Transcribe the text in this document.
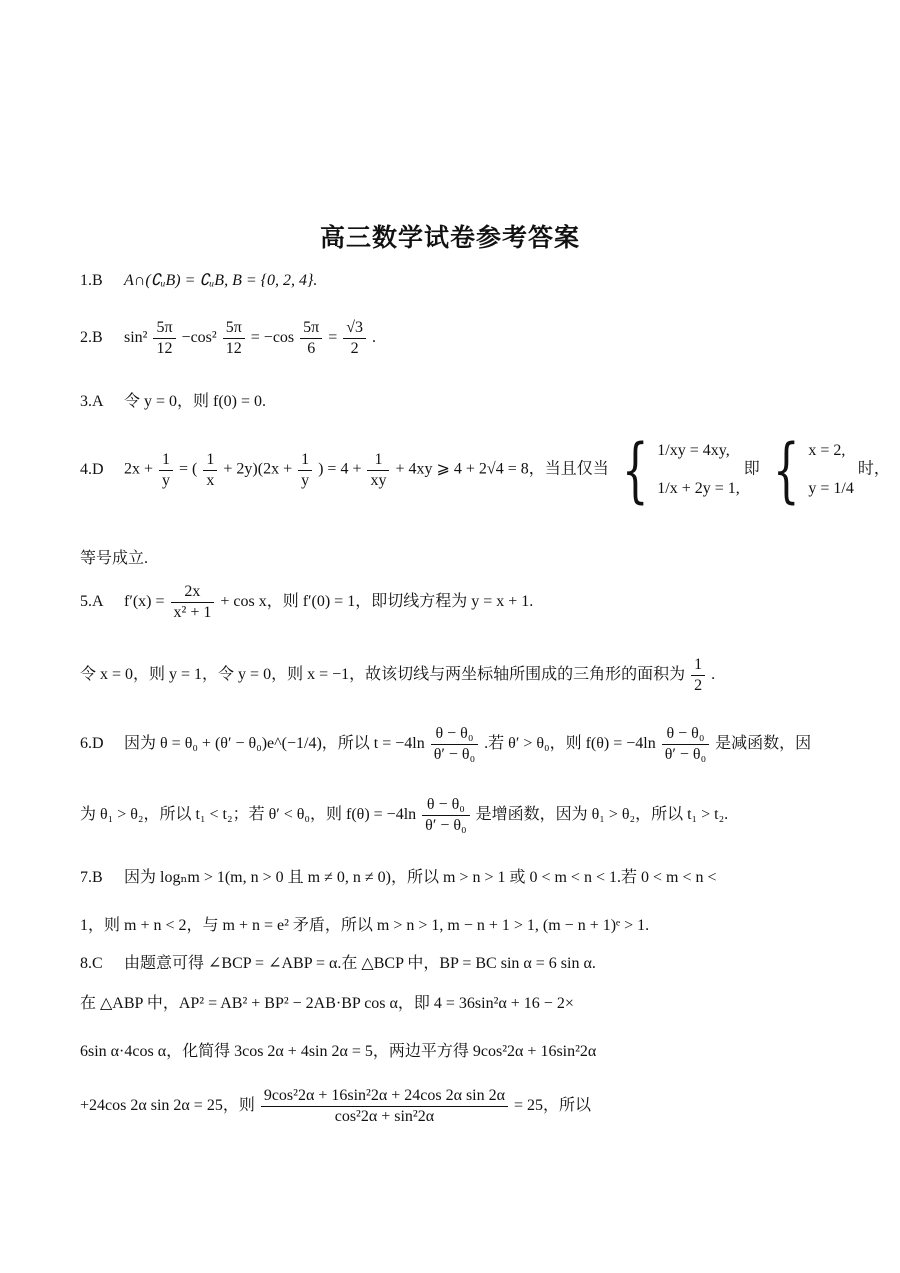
高三数学试卷参考答案
1.B A∩(∁ᵤB) = ∁ᵤB, B = {0, 2, 4}.
2.B $\sin^2 \frac{5\pi}{12} -\cos^2 \frac{5\pi}{12} = -\cos \frac{5\pi}{6} = \frac{√3}{2}$ .
3.A 令 y = 0，则 f(0) = 0.
4.D $2x + \frac{1}{y}$ = ( $\frac{1}{x} + 2y)(2x + \frac{1}{y}$ ) = $4 + \frac{1}{xy} + 4xy$ ⩾ 4 + 2√4 = 8，当且仅当 { 1/xy = 4xy,
1/x + 2y = 1,
即 { x = 2,
y = 1/4
时，
等号成立.
5.A $f'(x) = \frac{2x}{\text{x² + 1}} + \cos x$，则 f′(0) = 1，即切线方程为 y = x + 1.
令 x = 0，则 y = 1，令 y = 0，则 x = −1，故该切线与两坐标轴所围成的三角形的面积为 $\frac{1}{2}$ .
6.D 因为 θ = θ₀ + (θ′ − θ₀)e^(−1/4)，所以 $t = -4\ln \frac{\text{θ − θ₀}}{\text{θ′ − θ₀}}$ .若 θ′ > θ₀，则 $f(\theta) = -4\ln \frac{\text{θ − θ₀}}{\text{θ′ − θ₀}}$ 是减函数，因
为 θ₁ > θ₂，所以 t₁ < t₂；若 θ′ < θ₀，则 $f(\theta) = -4\ln \frac{\text{θ − θ₀}}{\text{θ′ − θ₀}}$ 是增函数，因为 θ₁ > θ₂，所以 t₁ > t₂.
7.B 因为 logₙm > 1(m, n > 0 且 m ≠ 0, n ≠ 0)，所以 m > n > 1 或 0 < m < n < 1.若 0 < m < n <
1，则 m + n < 2，与 m + n = e² 矛盾，所以 m > n > 1, m − n + 1 > 1, (m − n + 1)ᵉ > 1.
8.C 由题意可得 ∠BCP = ∠ABP = α.在 △BCP 中，BP = BC sin α = 6 sin α.
在 △ABP 中，AP² = AB² + BP² − 2AB·BP cos α，即 4 = 36sin²α + 16 − 2×
6sin α·4cos α，化简得 3cos 2α + 4sin 2α = 5，两边平方得 9cos²2α + 16sin²2α
+24cos 2α sin 2α = 25，则 $\frac{\text{9cos²2α + 16sin²2α + 24cos 2α sin 2α}}{\text{cos²2α + sin²2α}} = 25$，所以
